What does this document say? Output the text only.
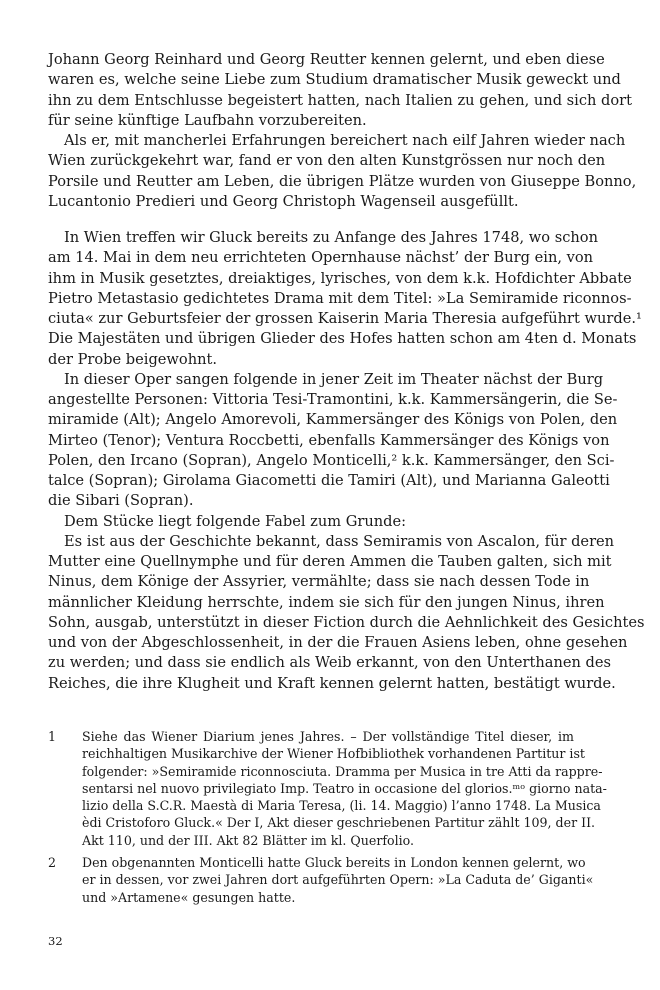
Johann Georg Reinhard und Georg Reutter kennen gelernt, und eben diese
waren es, welche seine Liebe zum Studium dramatischer Musik geweckt und
ihn zu dem Entschlusse begeistert hatten, nach Italien zu gehen, und sich dort
für seine künftige Laufbahn vorzubereiten.
Als er, mit mancherlei Erfahrungen bereichert nach eilf Jahren wieder nach
Wien zurückgekehrt war, fand er von den alten Kunstgrössen nur noch den
Porsile und Reutter am Leben, die übrigen Plätze wurden von Giuseppe Bonno,
Lucantonio Predieri und Georg Christoph Wagenseil ausgefüllt.
In Wien treffen wir Gluck bereits zu Anfange des Jahres 1748, wo schon
am 14. Mai in dem neu errichteten Opernhause nächst’ der Burg ein, von
ihm in Musik gesetztes, dreiaktiges, lyrisches, von dem k.k. Hofdichter Abbate
Pietro Metastasio gedichtetes Drama mit dem Titel: »La Semiramide riconnos-
ciuta« zur Geburtsfeier der grossen Kaiserin Maria Theresia aufgeführt wurde.¹
Die Majestäten und übrigen Glieder des Hofes hatten schon am 4ten d. Monats
der Probe beigewohnt.
In dieser Oper sangen folgende in jener Zeit im Theater nächst der Burg
angestellte Personen: Vittoria Tesi-Tramontini, k.k. Kammersängerin, die Se-
miramide (Alt); Angelo Amorevoli, Kammersänger des Königs von Polen, den
Mirteo (Tenor); Ventura Roccbetti, ebenfalls Kammersänger des Königs von
Polen, den Ircano (Sopran), Angelo Monticelli,² k.k. Kammersänger, den Sci-
talce (Sopran); Girolama Giacometti die Tamiri (Alt), und Marianna Galeotti
die Sibari (Sopran).
Dem Stücke liegt folgende Fabel zum Grunde:
Es ist aus der Geschichte bekannt, dass Semiramis von Ascalon, für deren
Mutter eine Quellnymphe und für deren Ammen die Tauben galten, sich mit
Ninus, dem Könige der Assyrier, vermählte; dass sie nach dessen Tode in
männlicher Kleidung herrschte, indem sie sich für den jungen Ninus, ihren
Sohn, ausgab, unterstützt in dieser Fiction durch die Aehnlichkeit des Gesichtes
und von der Abgeschlossenheit, in der die Frauen Asiens leben, ohne gesehen
zu werden; und dass sie endlich als Weib erkannt, von den Unterthanen des
Reiches, die ihre Klugheit und Kraft kennen gelernt hatten, bestätigt wurde.
1 Siehe das Wiener Diarium jenes Jahres. – Der vollständige Titel dieser, im
reichhaltigen Musikarchive der Wiener Hofbibliothek vorhandenen Partitur ist
folgender: »Semiramide riconnosciuta. Dramma per Musica in tre Atti da rappre-
sentarsi nel nuovo privilegiato Imp. Teatro in occasione del glorios.ᵐᵒ giorno nata-
lizio della S.C.R. Maestà di Maria Teresa, (li. 14. Maggio) l’anno 1748. La Musica
èdi Cristoforo Gluck.« Der I, Akt dieser geschriebenen Partitur zählt 109, der II.
Akt 110, und der III. Akt 82 Blätter im kl. Querfolio.
2 Den obgenannten Monticelli hatte Gluck bereits in London kennen gelernt, wo
er in dessen, vor zwei Jahren dort aufgeführten Opern: »La Caduta de’ Giganti«
und »Artamene« gesungen hatte.
32
